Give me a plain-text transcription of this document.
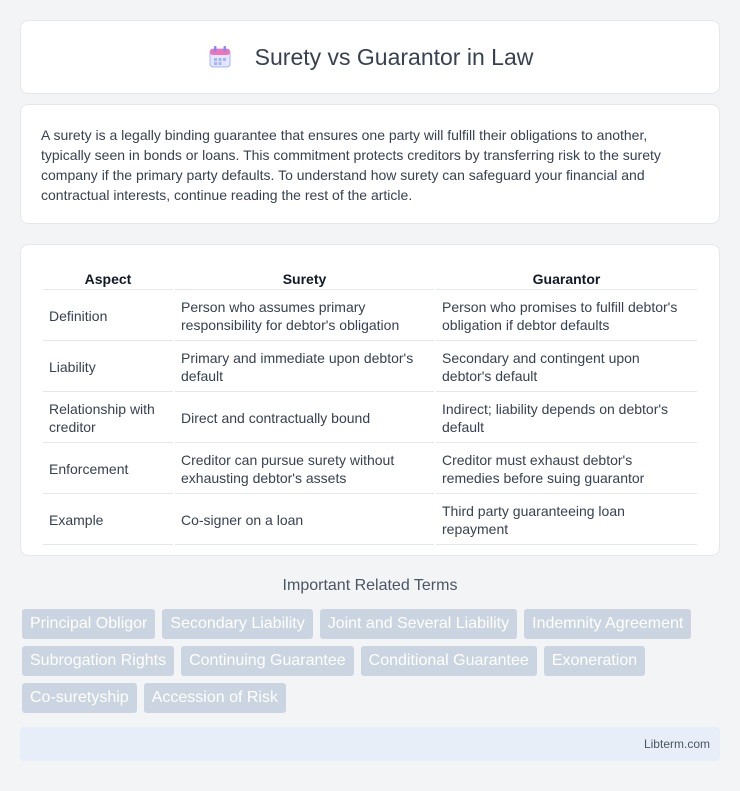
Surety vs Guarantor in Law

A surety is a legally binding guarantee that ensures one party will fulfill their obligations to another, typically seen in bonds or loans. This commitment protects creditors by transferring risk to the surety company if the primary party defaults. To understand how surety can safeguard your financial and contractual interests, continue reading the rest of the article.

Aspect	Surety	Guarantor
Definition	Person who assumes primary responsibility for debtor's obligation	Person who promises to fulfill debtor's obligation if debtor defaults
Liability	Primary and immediate upon debtor's default	Secondary and contingent upon debtor's default
Relationship with creditor	Direct and contractually bound	Indirect; liability depends on debtor's default
Enforcement	Creditor can pursue surety without exhausting debtor's assets	Creditor must exhaust debtor's remedies before suing guarantor
Example	Co-signer on a loan	Third party guaranteeing loan repayment
Important Related Terms
Principal Obligor	Secondary Liability	Joint and Several Liability	Indemnity Agreement
Subrogation Rights	Continuing Guarantee	Conditional Guarantee	Exoneration
Co-suretyship	Accession of Risk
Libterm.com
